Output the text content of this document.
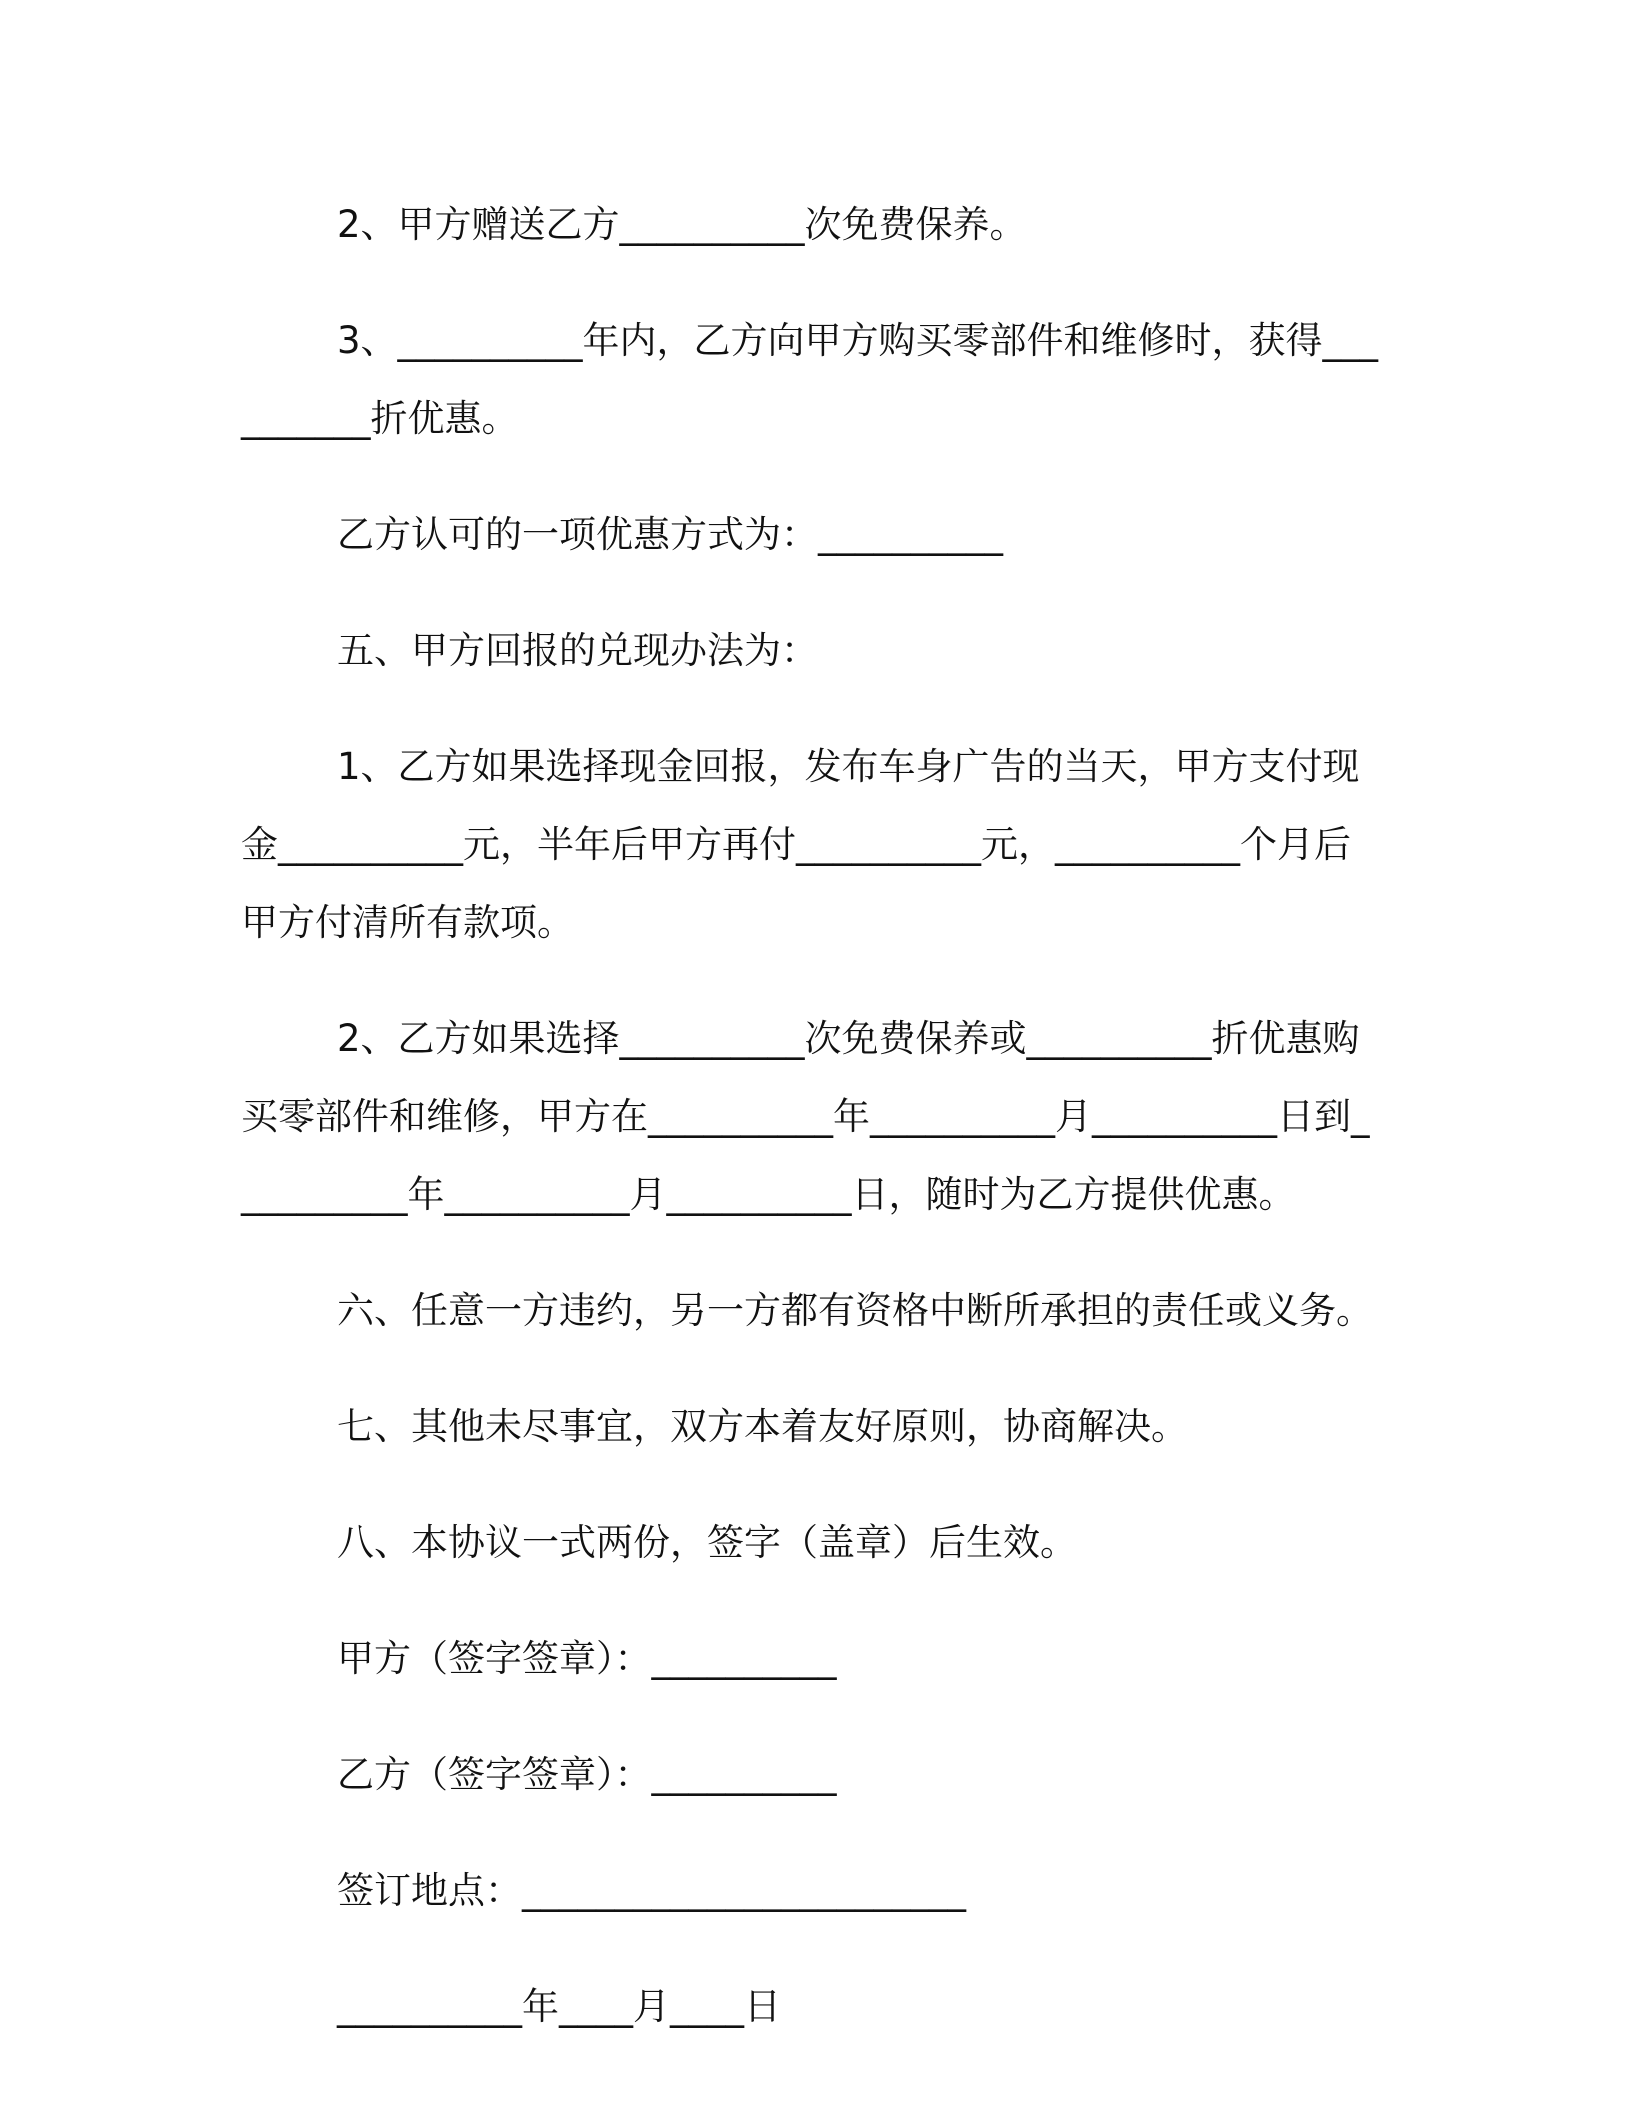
2、甲方赠送乙方__________次免费保养。

3、__________年内，乙方向甲方购买零部件和维修时，获得__________折优惠。

乙方认可的一项优惠方式为：__________

五、甲方回报的兑现办法为：

1、乙方如果选择现金回报，发布车身广告的当天，甲方支付现金__________元，半年后甲方再付__________元，__________个月后甲方付清所有款项。

2、乙方如果选择__________次免费保养或__________折优惠购买零部件和维修，甲方在__________年__________月__________日到__________年__________月__________日，随时为乙方提供优惠。

六、任意一方违约，另一方都有资格中断所承担的责任或义务。

七、其他未尽事宜，双方本着友好原则，协商解决。

八、本协议一式两份，签字（盖章）后生效。

甲方（签字签章）：__________

乙方（签字签章）：__________

签订地点：________________________

__________年____月____日
